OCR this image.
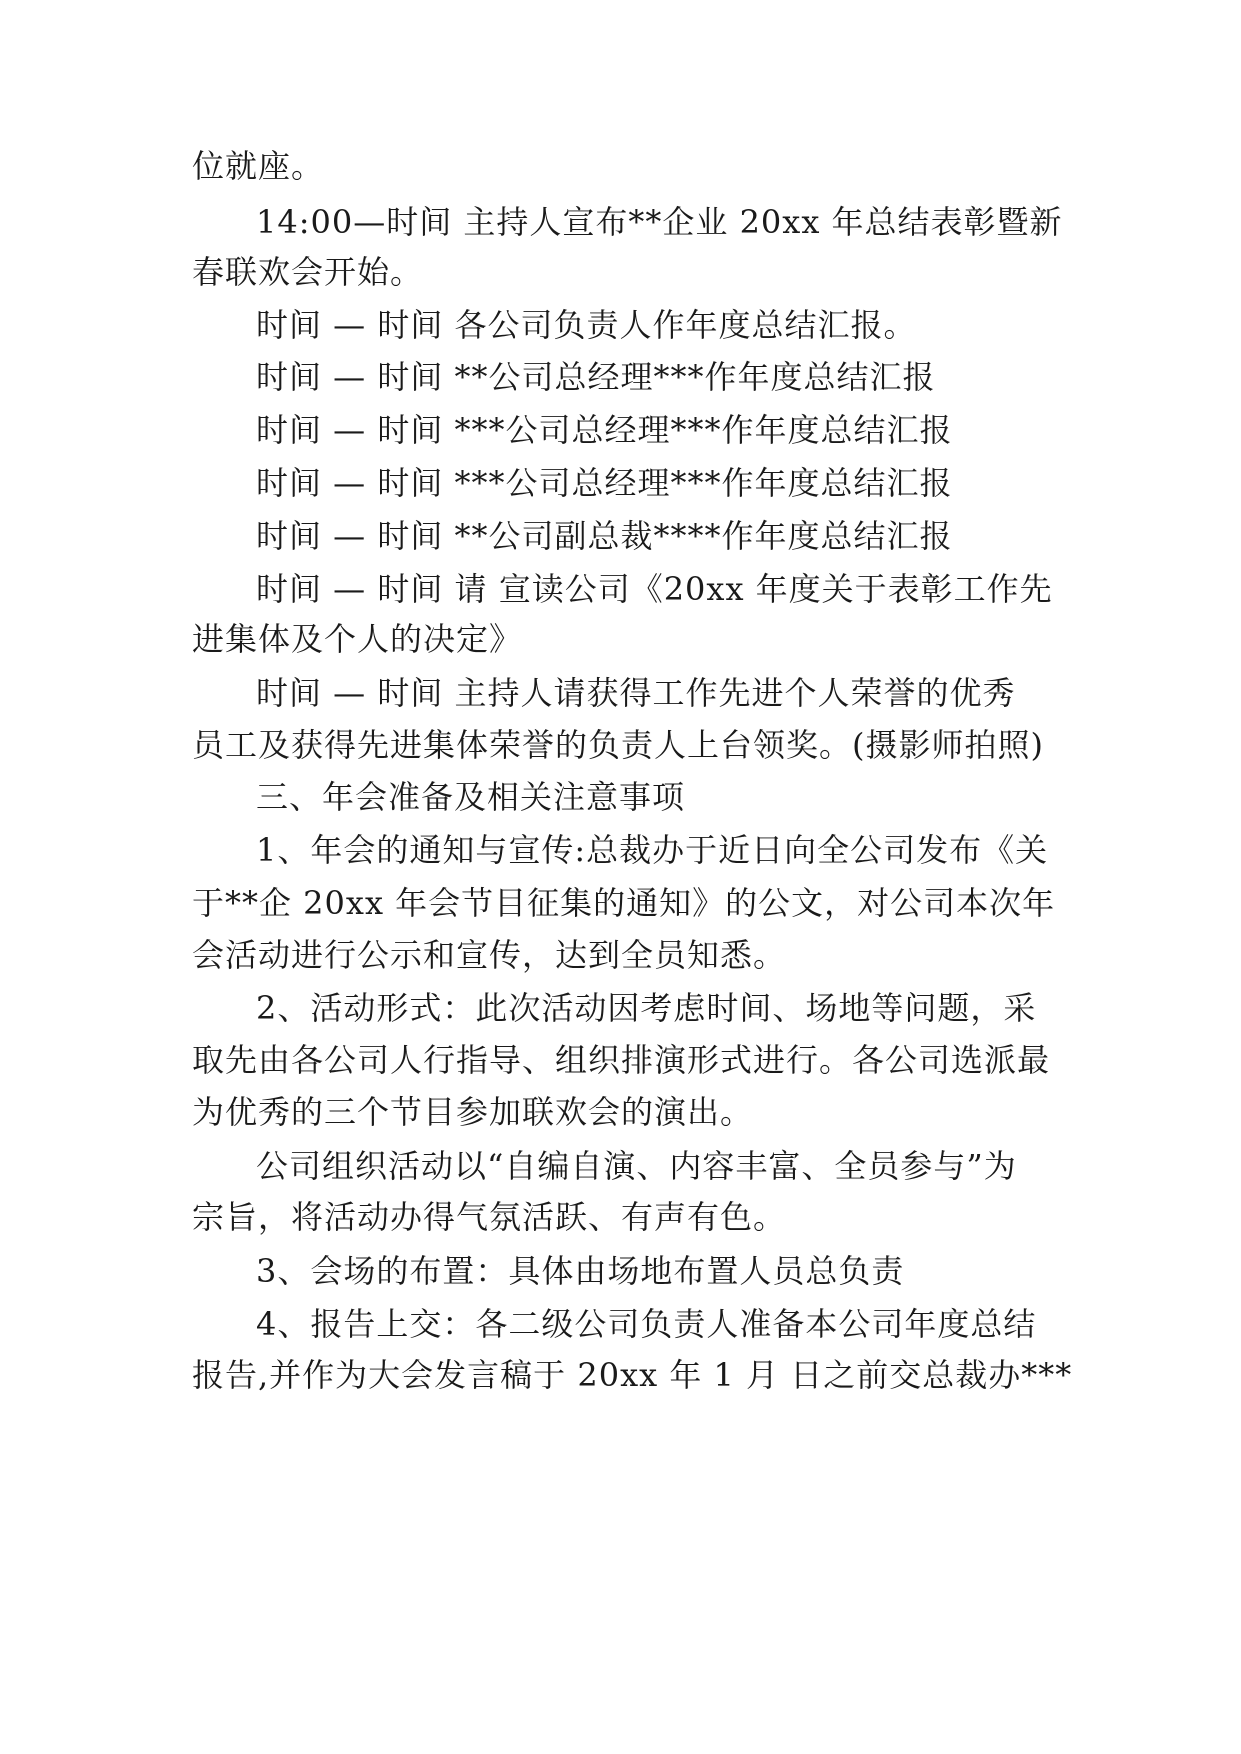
位就座。
14:00—时间 主持人宣布**企业 20xx 年总结表彰暨新
春联欢会开始。
时间 — 时间 各公司负责人作年度总结汇报。
时间 — 时间 **公司总经理***作年度总结汇报
时间 — 时间 ***公司总经理***作年度总结汇报
时间 — 时间 ***公司总经理***作年度总结汇报
时间 — 时间 **公司副总裁****作年度总结汇报
时间 — 时间 请 宣读公司《20xx 年度关于表彰工作先
进集体及个人的决定》
时间 — 时间 主持人请获得工作先进个人荣誉的优秀
员工及获得先进集体荣誉的负责人上台领奖。(摄影师拍照)
三、年会准备及相关注意事项
1、年会的通知与宣传:总裁办于近日向全公司发布《关
于**企 20xx 年会节目征集的通知》的公文，对公司本次年
会活动进行公示和宣传，达到全员知悉。
2、活动形式：此次活动因考虑时间、场地等问题，采
取先由各公司人行指导、组织排演形式进行。各公司选派最
为优秀的三个节目参加联欢会的演出。
公司组织活动以“自编自演、内容丰富、全员参与”为
宗旨，将活动办得气氛活跃、有声有色。
3、会场的布置：具体由场地布置人员总负责
4、报告上交：各二级公司负责人准备本公司年度总结
报告,并作为大会发言稿于 20xx 年 1 月 日之前交总裁办***
